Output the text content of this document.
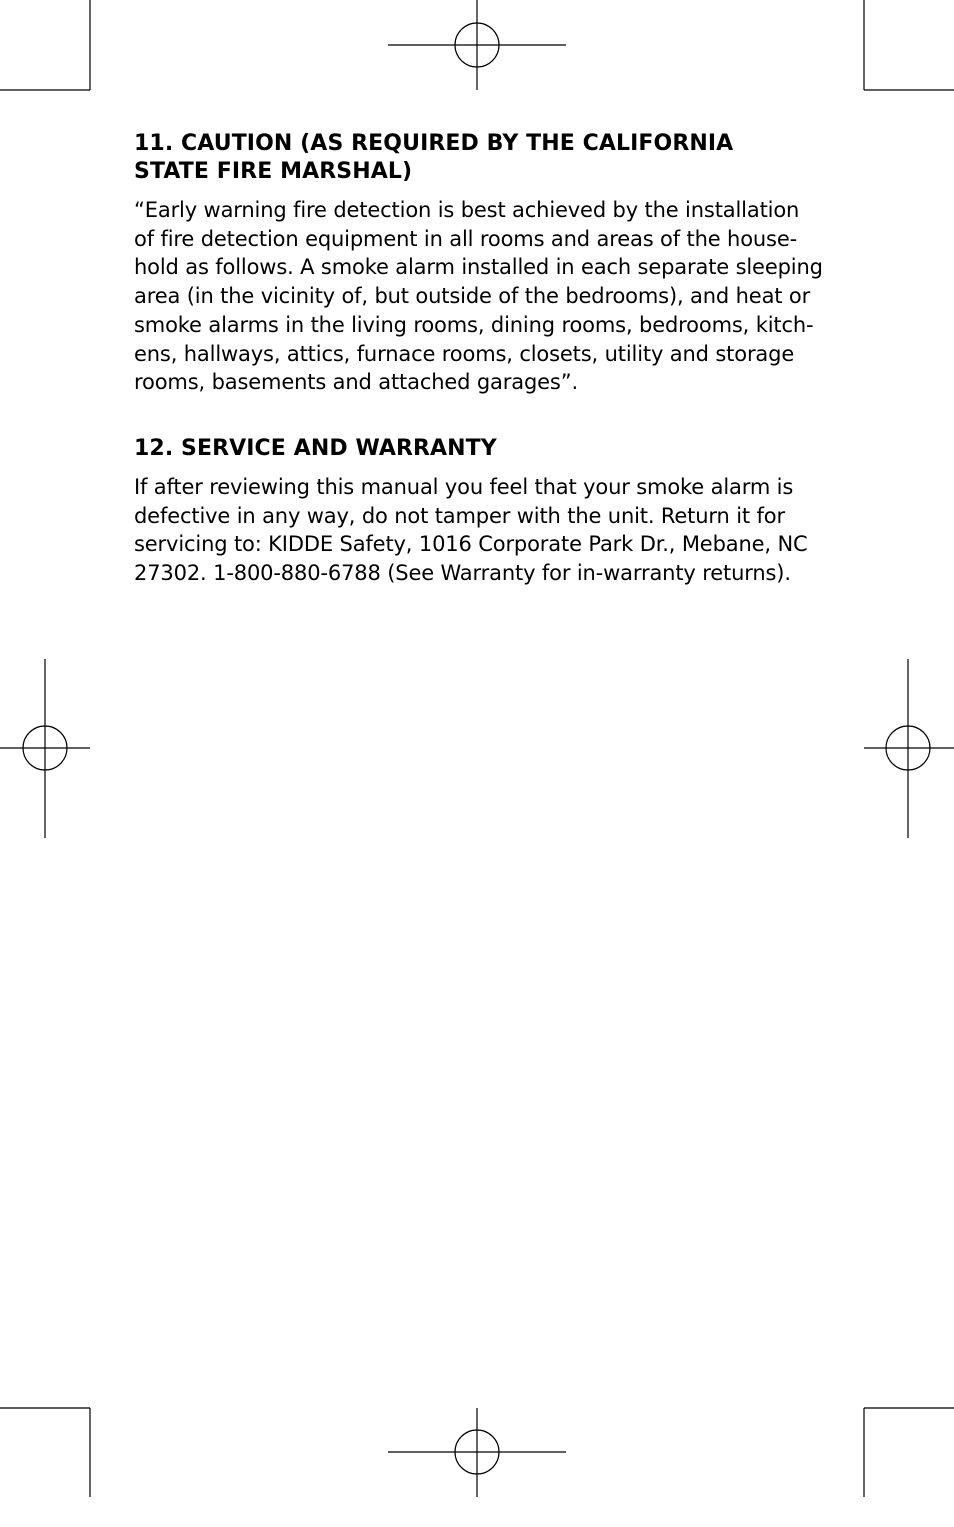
11. CAUTION (AS REQUIRED BY THE CALIFORNIA
STATE FIRE MARSHAL)
“Early warning fire detection is best achieved by the installation
of fire detection equipment in all rooms and areas of the house-
hold as follows. A smoke alarm installed in each separate sleeping
area (in the vicinity of, but outside of the bedrooms), and heat or
smoke alarms in the living rooms, dining rooms, bedrooms, kitch-
ens, hallways, attics, furnace rooms, closets, utility and storage
rooms, basements and attached garages”.
12. SERVICE AND WARRANTY
If after reviewing this manual you feel that your smoke alarm is
defective in any way, do not tamper with the unit. Return it for
servicing to: KIDDE Safety, 1016 Corporate Park Dr., Mebane, NC
27302. 1-800-880-6788 (See Warranty for in-warranty returns).
